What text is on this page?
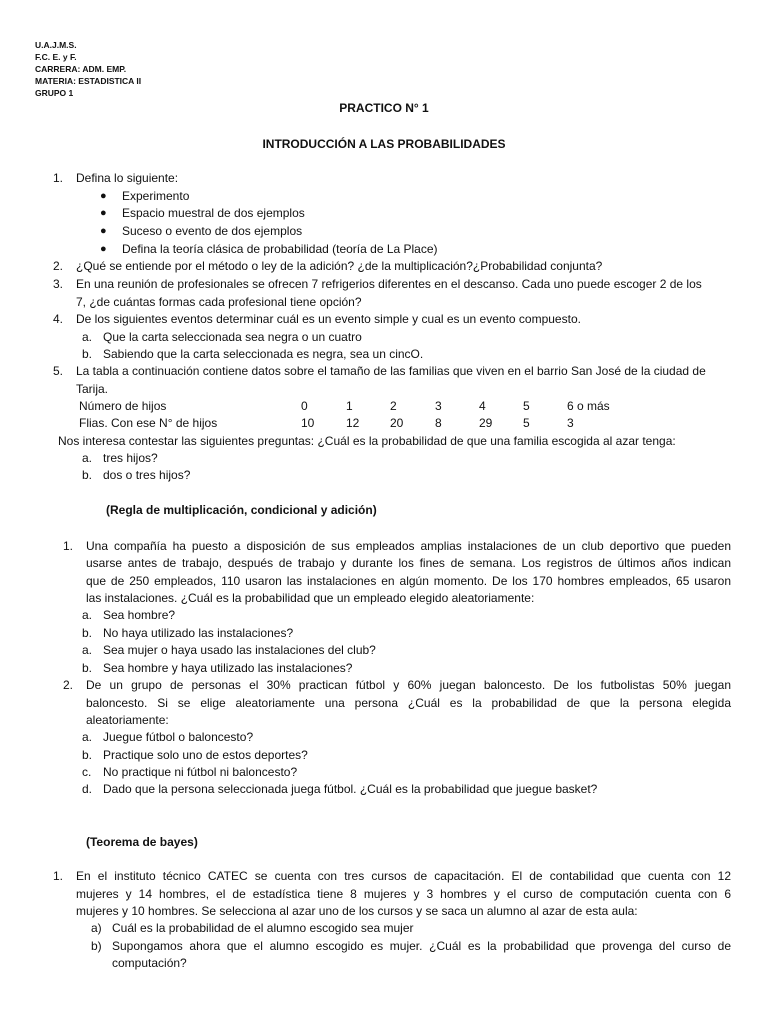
U.A.J.M.S.
F.C. E. y F.
CARRERA: ADM. EMP.
MATERIA: ESTADISTICA II
GRUPO 1
PRACTICO N° 1
INTRODUCCIÓN A LAS PROBABILIDADES
1. Defina lo siguiente:
● Experimento
● Espacio muestral de dos ejemplos
● Suceso o evento de dos ejemplos
● Defina la teoría clásica de probabilidad (teoría de La Place)
2. ¿Qué se entiende por el método o ley de la adición? ¿de la multiplicación?¿Probabilidad conjunta?
3. En una reunión de profesionales se ofrecen 7 refrigerios diferentes en el descanso. Cada uno puede escoger 2 de los
7, ¿de cuántas formas cada profesional tiene opción?
4. De los siguientes eventos determinar cuál es un evento simple y cual es un evento compuesto.
a. Que la carta seleccionada sea negra o un cuatro
b. Sabiendo que la carta seleccionada es negra, sea un cincO.
5. La tabla a continuación contiene datos sobre el tamaño de las familias que viven en el barrio San José de la ciudad de
Tarija.
Número de hijos	0	1	2	3	4	5	6 o más
Flias. Con ese N° de hijos	10	12	20	8	29	5	3
Nos interesa contestar las siguientes preguntas: ¿Cuál es la probabilidad de que una familia escogida al azar tenga:
a. tres hijos?
b. dos o tres hijos?
(Regla de multiplicación, condicional y adición)
1. Una compañía ha puesto a disposición de sus empleados amplias instalaciones de un club deportivo que pueden
usarse antes de trabajo, después de trabajo y durante los fines de semana. Los registros de últimos años indican
que de 250 empleados, 110 usaron las instalaciones en algún momento. De los 170 hombres empleados, 65 usaron
las instalaciones. ¿Cuál es la probabilidad que un empleado elegido aleatoriamente:
a. Sea hombre?
b. No haya utilizado las instalaciones?
a. Sea mujer o haya usado las instalaciones del club?
b. Sea hombre y haya utilizado las instalaciones?
2. De un grupo de personas el 30% practican fútbol y 60% juegan baloncesto. De los futbolistas 50% juegan
baloncesto. Si se elige aleatoriamente una persona ¿Cuál es la probabilidad de que la persona elegida
aleatoriamente:
a. Juegue fútbol o baloncesto?
b. Practique solo uno de estos deportes?
c. No practique ni fútbol ni baloncesto?
d. Dado que la persona seleccionada juega fútbol. ¿Cuál es la probabilidad que juegue basket?
(Teorema de bayes)
1. En el instituto técnico CATEC se cuenta con tres cursos de capacitación. El de contabilidad que cuenta con 12
mujeres y 14 hombres, el de estadística tiene 8 mujeres y 3 hombres y el curso de computación cuenta con 6
mujeres y 10 hombres. Se selecciona al azar uno de los cursos y se saca un alumno al azar de esta aula:
a) Cuál es la probabilidad de el alumno escogido sea mujer
b) Supongamos ahora que el alumno escogido es mujer. ¿Cuál es la probabilidad que provenga del curso de
computación?
